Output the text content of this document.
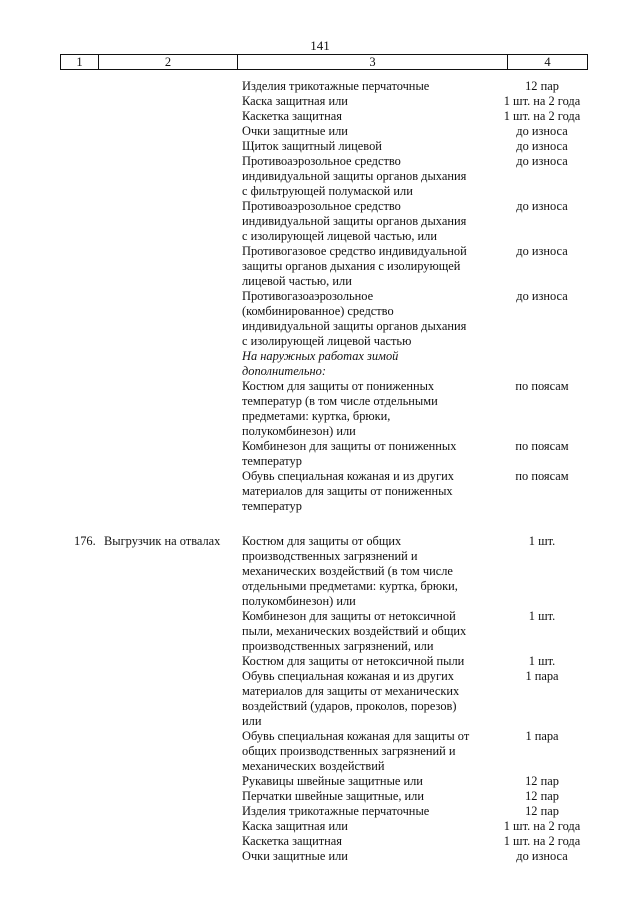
141
1	2	3	4
Изделия трикотажные перчаточные	12 пар
Каска защитная или	1 шт. на 2 года
Каскетка защитная	1 шт. на 2 года
Очки защитные или	до износа
Щиток защитный лицевой	до износа
Противоаэрозольное средство	до износа
индивидуальной защиты органов дыхания
с фильтрующей полумаской или
Противоаэрозольное средство	до износа
индивидуальной защиты органов дыхания
с изолирующей лицевой частью, или
Противогазовое средство индивидуальной	до износа
защиты органов дыхания с изолирующей
лицевой частью, или
Противогазоаэрозольное	до износа
(комбинированное) средство
индивидуальной защиты органов дыхания
с изолирующей лицевой частью
На наружных работах зимой
дополнительно:
Костюм для защиты от пониженных	по поясам
температур (в том числе отдельными
предметами: куртка, брюки,
полукомбинезон) или
Комбинезон для защиты от пониженных	по поясам
температур
Обувь специальная кожаная и из других	по поясам
материалов для защиты от пониженных
температур
176. Выгрузчик на отвалах	Костюм для защиты от общих	1 шт.
производственных загрязнений и
механических воздействий (в том числе
отдельными предметами: куртка, брюки,
полукомбинезон) или
Комбинезон для защиты от нетоксичной	1 шт.
пыли, механических воздействий и общих
производственных загрязнений, или
Костюм для защиты от нетоксичной пыли	1 шт.
Обувь специальная кожаная и из других	1 пара
материалов для защиты от механических
воздействий (ударов, проколов, порезов)
или
Обувь специальная кожаная для защиты от	1 пара
общих производственных загрязнений и
механических воздействий
Рукавицы швейные защитные или	12 пар
Перчатки швейные защитные, или	12 пар
Изделия трикотажные перчаточные	12 пар
Каска защитная или	1 шт. на 2 года
Каскетка защитная	1 шт. на 2 года
Очки защитные или	до износа
